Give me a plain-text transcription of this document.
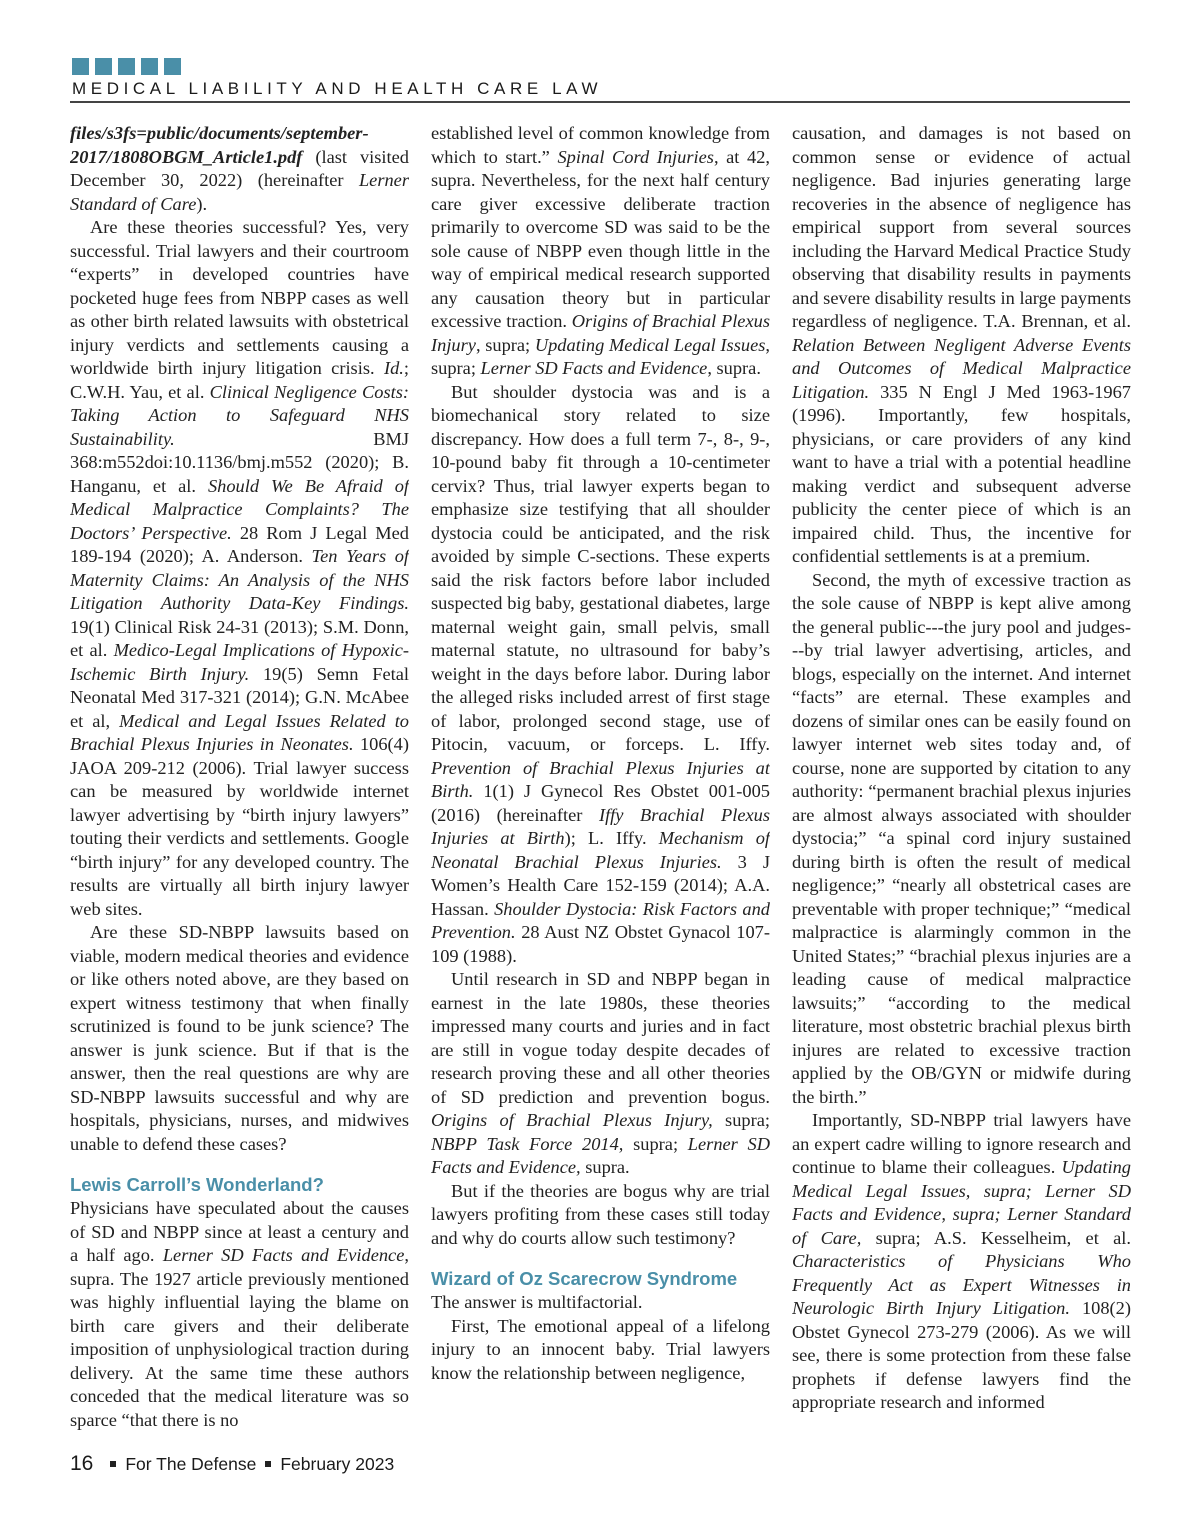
MEDICAL LIABILITY AND HEALTH CARE LAW

files/s3fs=public/documents/september-2017/1808OBGM_Article1.pdf (last visited December 30, 2022) (hereinafter Lerner Standard of Care).

Are these theories successful? Yes, very successful. Trial lawyers and their courtroom “experts” in developed countries have pocketed huge fees from NBPP cases as well as other birth related lawsuits with obstetrical injury verdicts and settlements causing a worldwide birth injury litigation crisis. Id.; C.W.H. Yau, et al. Clinical Negligence Costs: Taking Action to Safeguard NHS Sustainability. BMJ 368:m552doi:10.1136/bmj.m552 (2020); B. Hanganu, et al. Should We Be Afraid of Medical Malpractice Complaints? The Doctors’ Perspective. 28 Rom J Legal Med 189-194 (2020); A. Anderson. Ten Years of Maternity Claims: An Analysis of the NHS Litigation Authority Data-Key Findings. 19(1) Clinical Risk 24-31 (2013); S.M. Donn, et al. Medico-Legal Implications of Hypoxic-Ischemic Birth Injury. 19(5) Semn Fetal Neonatal Med 317-321 (2014); G.N. McAbee et al, Medical and Legal Issues Related to Brachial Plexus Injuries in Neonates. 106(4) JAOA 209-212 (2006). Trial lawyer success can be measured by worldwide internet lawyer advertising by “birth injury lawyers” touting their verdicts and settlements. Google “birth injury” for any developed country. The results are virtually all birth injury lawyer web sites.

Are these SD-NBPP lawsuits based on viable, modern medical theories and evidence or like others noted above, are they based on expert witness testimony that when finally scrutinized is found to be junk science? The answer is junk science. But if that is the answer, then the real questions are why are SD-NBPP lawsuits successful and why are hospitals, physicians, nurses, and midwives unable to defend these cases?

Lewis Carroll’s Wonderland?

Physicians have speculated about the causes of SD and NBPP since at least a century and a half ago. Lerner SD Facts and Evidence, supra. The 1927 article previously mentioned was highly influential laying the blame on birth care givers and their deliberate imposition of unphysiological traction during delivery. At the same time these authors conceded that the medical literature was so sparce “that there is no

established level of common knowledge from which to start.” Spinal Cord Injuries, at 42, supra. Nevertheless, for the next half century care giver excessive deliberate traction primarily to overcome SD was said to be the sole cause of NBPP even though little in the way of empirical medical research supported any causation theory but in particular excessive traction. Origins of Brachial Plexus Injury, supra; Updating Medical Legal Issues, supra; Lerner SD Facts and Evidence, supra.

But shoulder dystocia was and is a biomechanical story related to size discrepancy. How does a full term 7-, 8-, 9-, 10-pound baby fit through a 10-centimeter cervix? Thus, trial lawyer experts began to emphasize size testifying that all shoulder dystocia could be anticipated, and the risk avoided by simple C-sections. These experts said the risk factors before labor included suspected big baby, gestational diabetes, large maternal weight gain, small pelvis, small maternal statute, no ultrasound for baby’s weight in the days before labor. During labor the alleged risks included arrest of first stage of labor, prolonged second stage, use of Pitocin, vacuum, or forceps. L. Iffy. Prevention of Brachial Plexus Injuries at Birth. 1(1) J Gynecol Res Obstet 001-005 (2016) (hereinafter Iffy Brachial Plexus Injuries at Birth); L. Iffy. Mechanism of Neonatal Brachial Plexus Injuries. 3 J Women’s Health Care 152-159 (2014); A.A. Hassan. Shoulder Dystocia: Risk Factors and Prevention. 28 Aust NZ Obstet Gynacol 107-109 (1988).

Until research in SD and NBPP began in earnest in the late 1980s, these theories impressed many courts and juries and in fact are still in vogue today despite decades of research proving these and all other theories of SD prediction and prevention bogus. Origins of Brachial Plexus Injury, supra; NBPP Task Force 2014, supra; Lerner SD Facts and Evidence, supra.

But if the theories are bogus why are trial lawyers profiting from these cases still today and why do courts allow such testimony?

Wizard of Oz Scarecrow Syndrome

The answer is multifactorial.

First, The emotional appeal of a lifelong injury to an innocent baby. Trial lawyers know the relationship between negligence,

causation, and damages is not based on common sense or evidence of actual negligence. Bad injuries generating large recoveries in the absence of negligence has empirical support from several sources including the Harvard Medical Practice Study observing that disability results in payments and severe disability results in large payments regardless of negligence. T.A. Brennan, et al. Relation Between Negligent Adverse Events and Outcomes of Medical Malpractice Litigation. 335 N Engl J Med 1963-1967 (1996). Importantly, few hospitals, physicians, or care providers of any kind want to have a trial with a potential headline making verdict and subsequent adverse publicity the center piece of which is an impaired child. Thus, the incentive for confidential settlements is at a premium.

Second, the myth of excessive traction as the sole cause of NBPP is kept alive among the general public---the jury pool and judges---by trial lawyer advertising, articles, and blogs, especially on the internet. And internet “facts” are eternal. These examples and dozens of similar ones can be easily found on lawyer internet web sites today and, of course, none are supported by citation to any authority: “permanent brachial plexus injuries are almost always associated with shoulder dystocia;” “a spinal cord injury sustained during birth is often the result of medical negligence;” “nearly all obstetrical cases are preventable with proper technique;” “medical malpractice is alarmingly common in the United States;” “brachial plexus injuries are a leading cause of medical malpractice lawsuits;” “according to the medical literature, most obstetric brachial plexus birth injures are related to excessive traction applied by the OB/GYN or midwife during the birth.”

Importantly, SD-NBPP trial lawyers have an expert cadre willing to ignore research and continue to blame their colleagues. Updating Medical Legal Issues, supra; Lerner SD Facts and Evidence, supra; Lerner Standard of Care, supra; A.S. Kesselheim, et al. Characteristics of Physicians Who Frequently Act as Expert Witnesses in Neurologic Birth Injury Litigation. 108(2) Obstet Gynecol 273-279 (2006). As we will see, there is some protection from these false prophets if defense lawyers find the appropriate research and informed

16 For The Defense February 2023
